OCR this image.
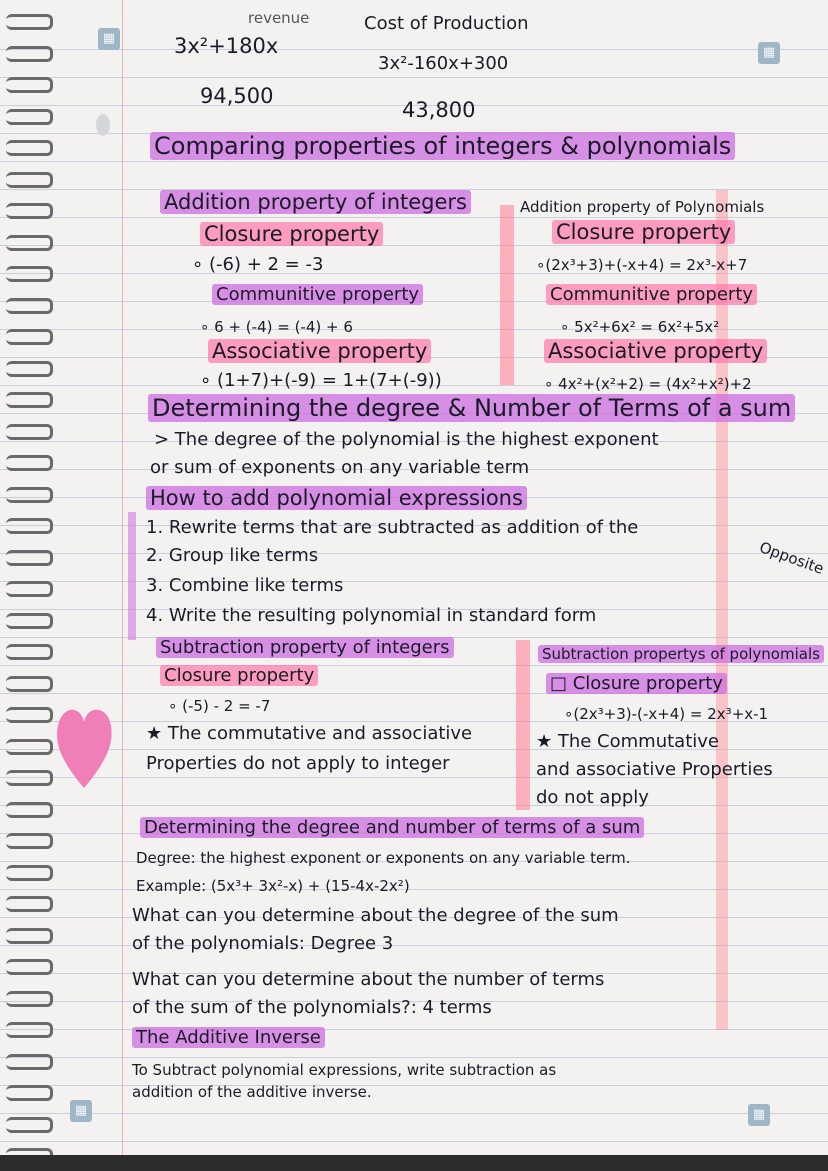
▦
▦
▦	▦
revenue
3x²+180x
94,500
Cost of Production
3x²-160x+300
43,800
Comparing properties of integers & polynomials
Addition property of integers
Closure property
∘ (-6) + 2 = -3
Communitive property
∘ 6 + (-4) = (-4) + 6
Associative property
∘ (1+7)+(-9) = 1+(7+(-9))
Addition property of Polynomials
Closure property
∘(2x³+3)+(-x+4) = 2x³-x+7
Communitive property
∘ 5x²+6x² = 6x²+5x²
Associative property
∘ 4x²+(x²+2) = (4x²+x²)+2
Determining the degree & Number of Terms of a sum
> The degree of the polynomial is the highest exponent
or sum of exponents on any variable term
How to add polynomial expressions
1. Rewrite terms that are subtracted as addition of the
Opposite
2. Group like terms
3. Combine like terms
4. Write the resulting polynomial in standard form
Subtraction property of integers
Closure property
∘ (-5) - 2 = -7
Subtraction propertys of polynomials
□ Closure property
∘(2x³+3)-(-x+4) = 2x³+x-1
★ The commutative and associative
Properties do not apply to integer
★ The Commutative
and associative Properties
do not apply
Determining the degree and number of terms of a sum
Degree: the highest exponent or exponents on any variable term.
Example: (5x³+ 3x²-x) + (15-4x-2x²)
What can you determine about the degree of the sum
of the polynomials: Degree 3
What can you determine about the number of terms
of the sum of the polynomials?: 4 terms
The Additive Inverse
To Subtract polynomial expressions, write subtraction as
addition of the additive inverse.
